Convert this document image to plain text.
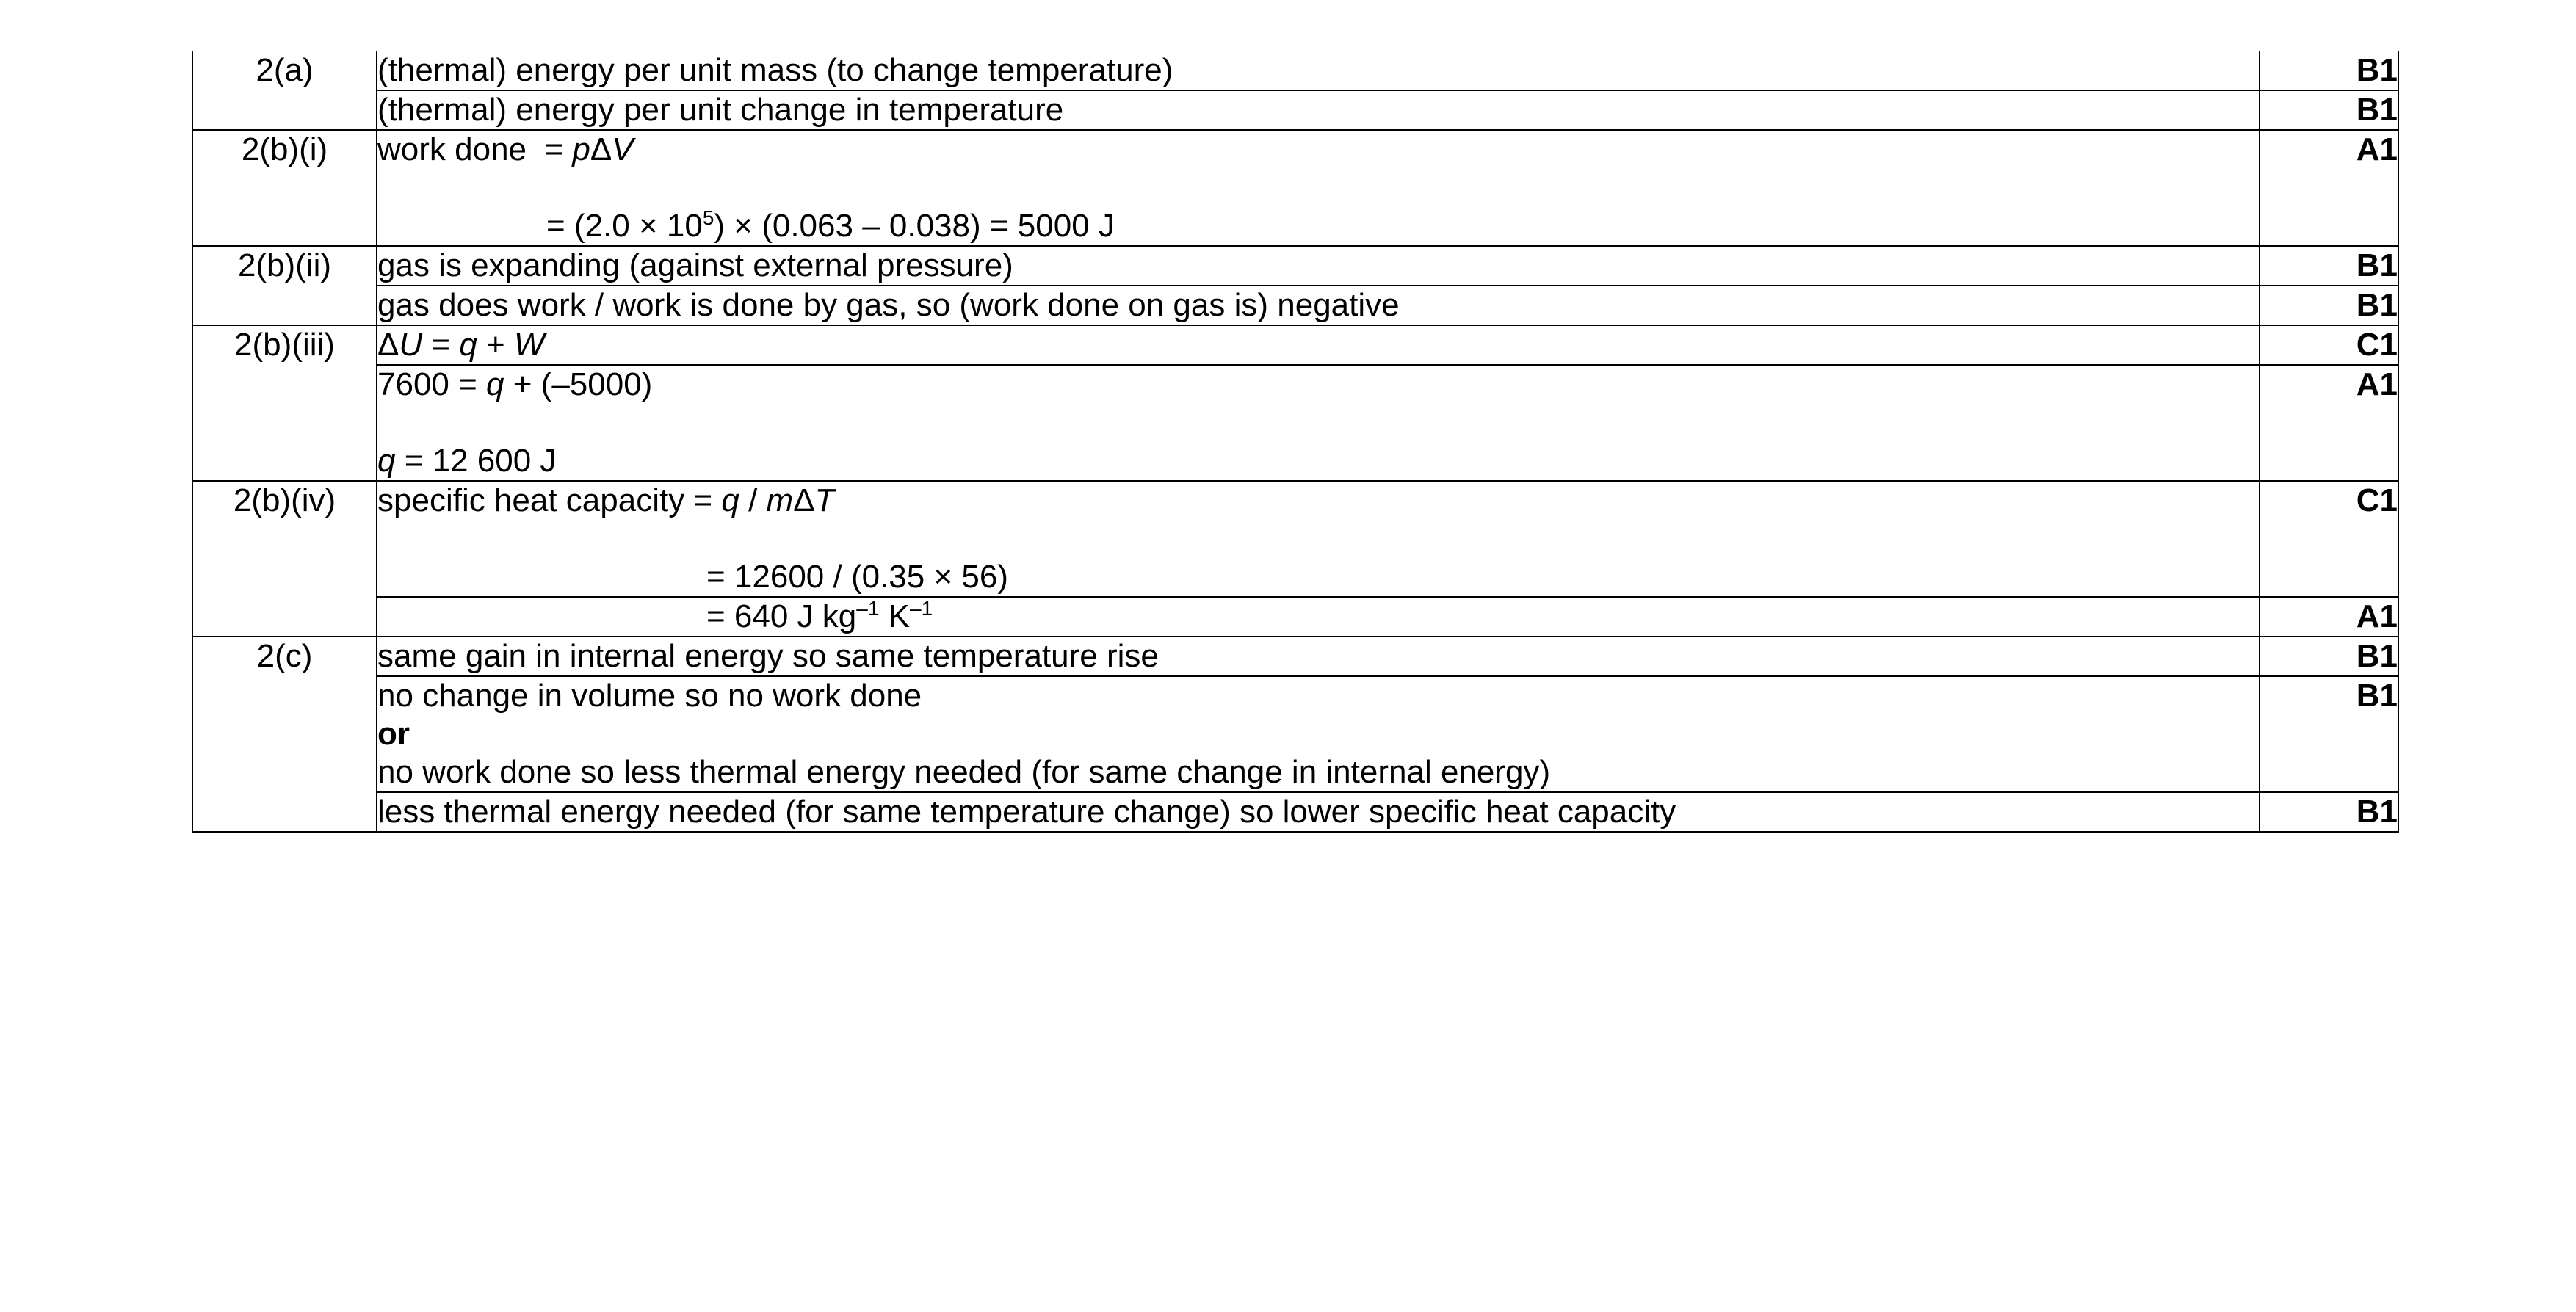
2(a)	(thermal) energy per unit mass (to change temperature)	B1

	(thermal) energy per unit change in temperature	B1
2(b)(i)	work done  = pΔV
= $(2.0 \times 10^5) \times (0.063 - 0.038) = 5000$ J	A1
2(b)(ii)	gas is expanding (against external pressure)	B1

	gas does work / work is done by gas, so (work done on gas is) negative	B1
2(b)(iii)	ΔU = q + W	C1

	7600 = q + (–5000)
q = 12 600 J	A1
2(b)(iv)	specific heat capacity = q / mΔT
= 12600 / (0.35 × 56)	C1

	= 640 J $kg^{-1}$ $K^{-1}$	A1
2(c)	same gain in internal energy so same temperature rise	B1

	no change in volume so no work done
or
no work done so less thermal energy needed (for same change in internal energy)	B1

	less thermal energy needed (for same temperature change) so lower specific heat capacity	B1
